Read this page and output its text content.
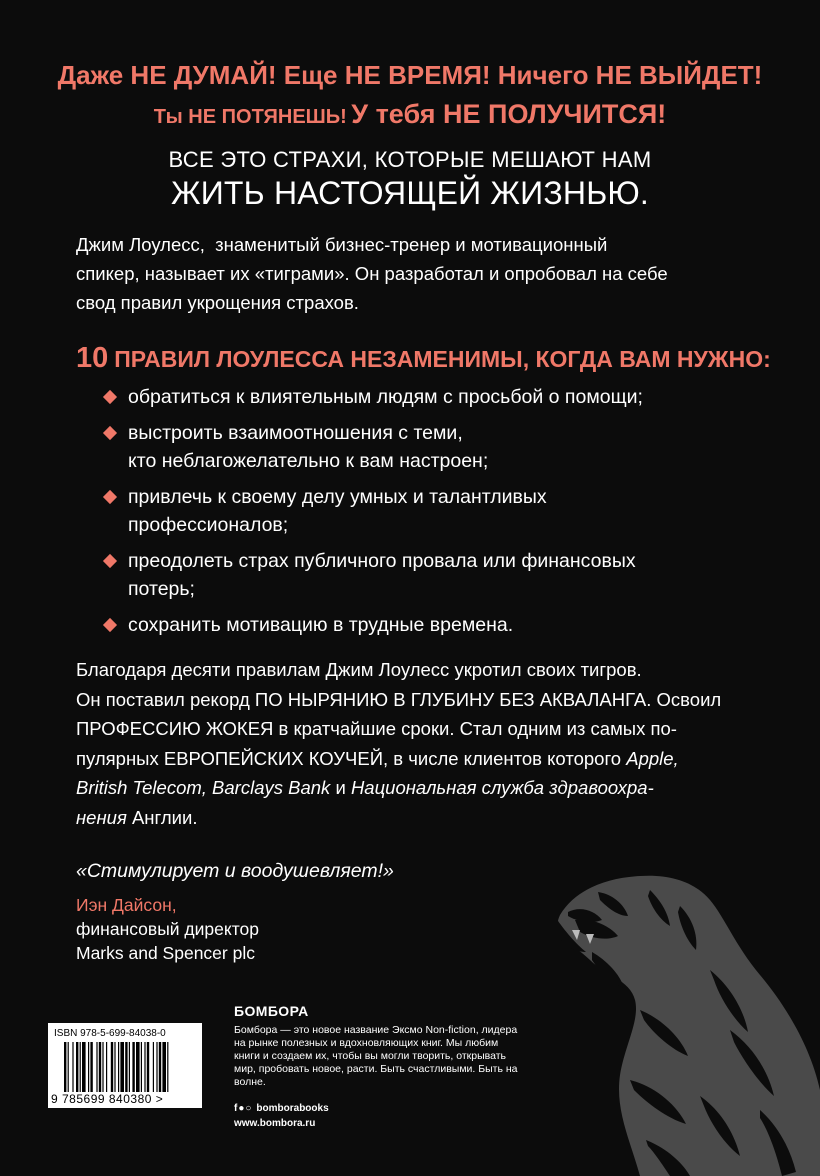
Даже НЕ ДУМАЙ! Еще НЕ ВРЕМЯ! Ничего НЕ ВЫЙДЕТ!
Ты НЕ ПОТЯНЕШЬ! У тебя НЕ ПОЛУЧИТСЯ!
ВСЕ ЭТО СТРАХИ, КОТОРЫЕ МЕШАЮТ НАМ
ЖИТЬ НАСТОЯЩЕЙ ЖИЗНЬЮ.

Джим Лоулесс,  знаменитый бизнес-тренер и мотивационный

спикер, называет их «тиграми». Он разработал и опробовал на себе

свод правил укрощения страхов.

10 ПРАВИЛ ЛОУЛЕССА НЕЗАМЕНИМЫ, КОГДА ВАМ НУЖНО:
обратиться к влиятельным людям с просьбой о помощи;
выстроить взаимоотношения с теми,
кто неблагожелательно к вам настроен;
привлечь к своему делу умных и талантливых
профессионалов;
преодолеть страх публичного провала или финансовых
потерь;
сохранить мотивацию в трудные времена.

Благодаря десяти правилам Джим Лоулесс укротил своих тигров.

Он поставил рекорд ПО НЫРЯНИЮ В ГЛУБИНУ БЕЗ АКВАЛАНГА. Освоил

ПРОФЕССИЮ ЖОКЕЯ в кратчайшие сроки. Стал одним из самых по-

пулярных ЕВРОПЕЙСКИХ КОУЧЕЙ, в числе клиентов которого Apple,

British Telecom, Barclays Bank и Национальная служба здравоохра-

нения Англии.

«Стимулирует и воодушевляет!»
Иэн Дайсон,
финансовый директор
Marks and Spencer plc
ISBN 978-5-699-84038-0
9 785699 840380 >
БОМБОРА
Бомбора — это новое название Эксмо Non-fiction, лидера на рынке полезных и вдохновляющих книг. Мы любим книги и создаем их, чтобы вы могли творить, открывать мир, пробовать новое, расти. Быть счастливыми. Быть на волне.
f●○ bomborabooks
www.bombora.ru
